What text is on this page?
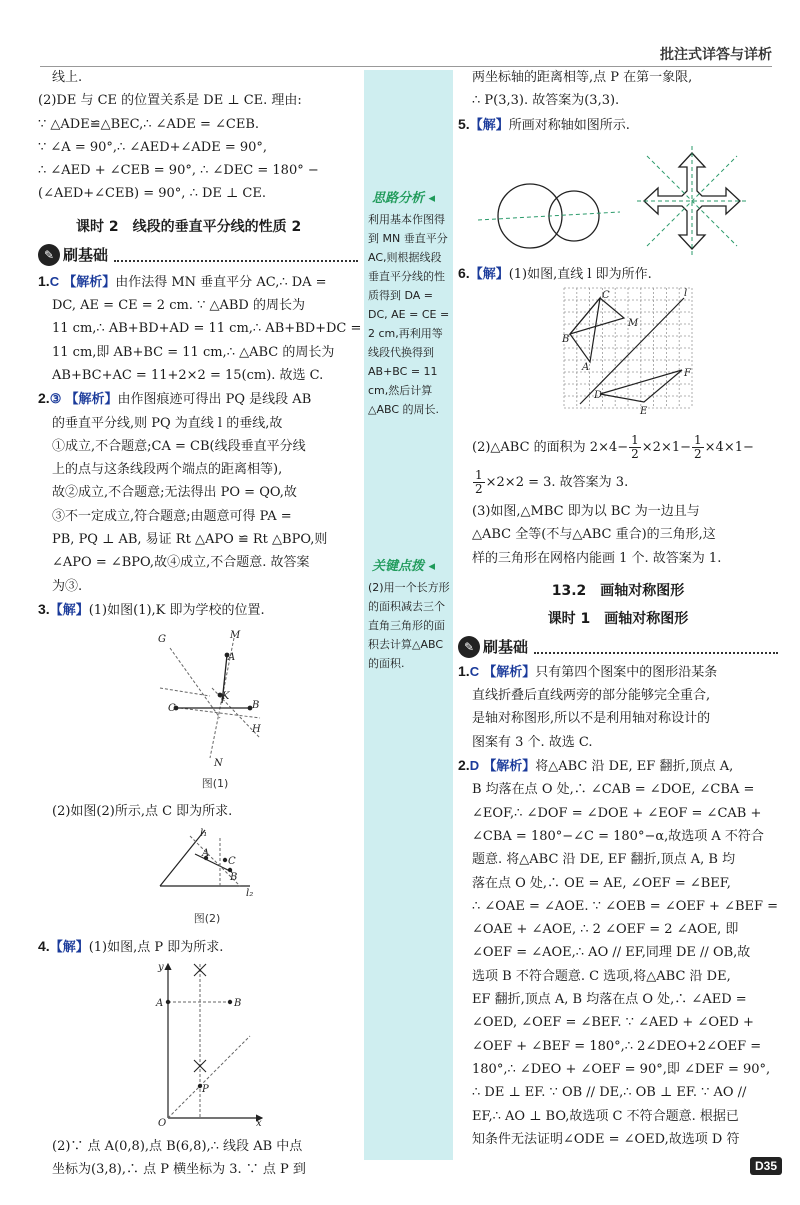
批注式详答与详析
思路分析 ◂
利用基本作图得到 MN 垂直平分 AC,则根据线段垂直平分线的性质得到 DA = DC, AE = CE = 2 cm,再利用等线段代换得到 AB+BC = 11 cm,然后计算△ABC 的周长.
关键点拨 ◂
(2)用一个长方形的面积减去三个直角三角形的面积去计算△ABC 的面积.
线上.
(2)DE 与 CE 的位置关系是 DE ⊥ CE. 理由:
∵ △ADE≌△BEC,∴ ∠ADE = ∠CEB.
∵ ∠A = 90°,∴ ∠AED+∠ADE = 90°,
∴ ∠AED + ∠CEB = 90°, ∴ ∠DEC = 180° −
(∠AED+∠CEB) = 90°, ∴ DE ⊥ CE.
课时 2　线段的垂直平分线的性质 2
✎ 刷基础
1.C 【解析】由作法得 MN 垂直平分 AC,∴ DA =
DC, AE = CE = 2 cm. ∵ △ABD 的周长为
11 cm,∴ AB+BD+AD = 11 cm,∴ AB+BD+DC =
11 cm,即 AB+BC = 11 cm,∴ △ABC 的周长为
AB+BC+AC = 11+2×2 = 15(cm). 故选 C.
2.③ 【解析】由作图痕迹可得出 PQ 是线段 AB
的垂直平分线,则 PQ 为直线 l 的垂线,故
①成立,不合题意;CA = CB(线段垂直平分线
上的点与这条线段两个端点的距离相等),
故②成立,不合题意;无法得出 PO = QO,故
③不一定成立,符合题意;由题意可得 PA =
PB, PQ ⊥ AB, 易证 Rt △APO ≌ Rt △BPO,则
∠APO = ∠BPO,故④成立,不合题意. 故答案
为③.
3.【解】(1)如图(1),K 即为学校的位置.
G	M
A
K
C	B
H
N
图(1)
(2)如图(2)所示,点 C 即为所求.
l₁
A
C
B
l₂
图(2)
4.【解】(1)如图,点 P 即为所求.
A	B
P
O	x
y
(2)∵ 点 A(0,8),点 B(6,8),∴ 线段 AB 中点
坐标为(3,8),∴ 点 P 横坐标为 3. ∵ 点 P 到
两坐标轴的距离相等,点 P 在第一象限,
∴ P(3,3). 故答案为(3,3).
5.【解】所画对称轴如图所示.
6.【解】(1)如图,直线 l 即为所作.
C
B
M
A
l
F
D
E
(2)△ABC 的面积为 $2\times 4- \frac{1}{2} \times 2\times 1- \frac{1}{2} \times 4\times 1-$
$\frac{1}{2} \times 2\times 2 = 3$. 故答案为 3.
(3)如图,△MBC 即为以 BC 为一边且与
△ABC 全等(不与△ABC 重合)的三角形,这
样的三角形在网格内能画 1 个. 故答案为 1.
13.2　画轴对称图形
课时 1　画轴对称图形
✎ 刷基础
1.C 【解析】只有第四个图案中的图形沿某条
直线折叠后直线两旁的部分能够完全重合,
是轴对称图形,所以不是利用轴对称设计的
图案有 3 个. 故选 C.
2.D 【解析】将△ABC 沿 DE, EF 翻折,顶点 A,
B 均落在点 O 处,∴ ∠CAB = ∠DOE, ∠CBA =
∠EOF,∴ ∠DOF = ∠DOE + ∠EOF = ∠CAB +
∠CBA = 180°−∠C = 180°−α,故选项 A 不符合
题意. 将△ABC 沿 DE, EF 翻折,顶点 A, B 均
落在点 O 处,∴ OE = AE, ∠OEF = ∠BEF,
∴ ∠OAE = ∠AOE. ∵ ∠OEB = ∠OEF + ∠BEF =
∠OAE + ∠AOE, ∴ 2 ∠OEF = 2 ∠AOE, 即
∠OEF = ∠AOE,∴ AO // EF,同理 DE // OB,故
选项 B 不符合题意. C 选项,将△ABC 沿 DE,
EF 翻折,顶点 A, B 均落在点 O 处,∴ ∠AED =
∠OED, ∠OEF = ∠BEF. ∵ ∠AED + ∠OED +
∠OEF + ∠BEF = 180°,∴ 2∠DEO+2∠OEF =
180°,∴ ∠DEO + ∠OEF = 90°,即 ∠DEF = 90°,
∴ DE ⊥ EF. ∵ OB // DE,∴ OB ⊥ EF. ∵ AO //
EF,∴ AO ⊥ BO,故选项 C 不符合题意. 根据已
知条件无法证明∠ODE = ∠OED,故选项 D 符
D35
